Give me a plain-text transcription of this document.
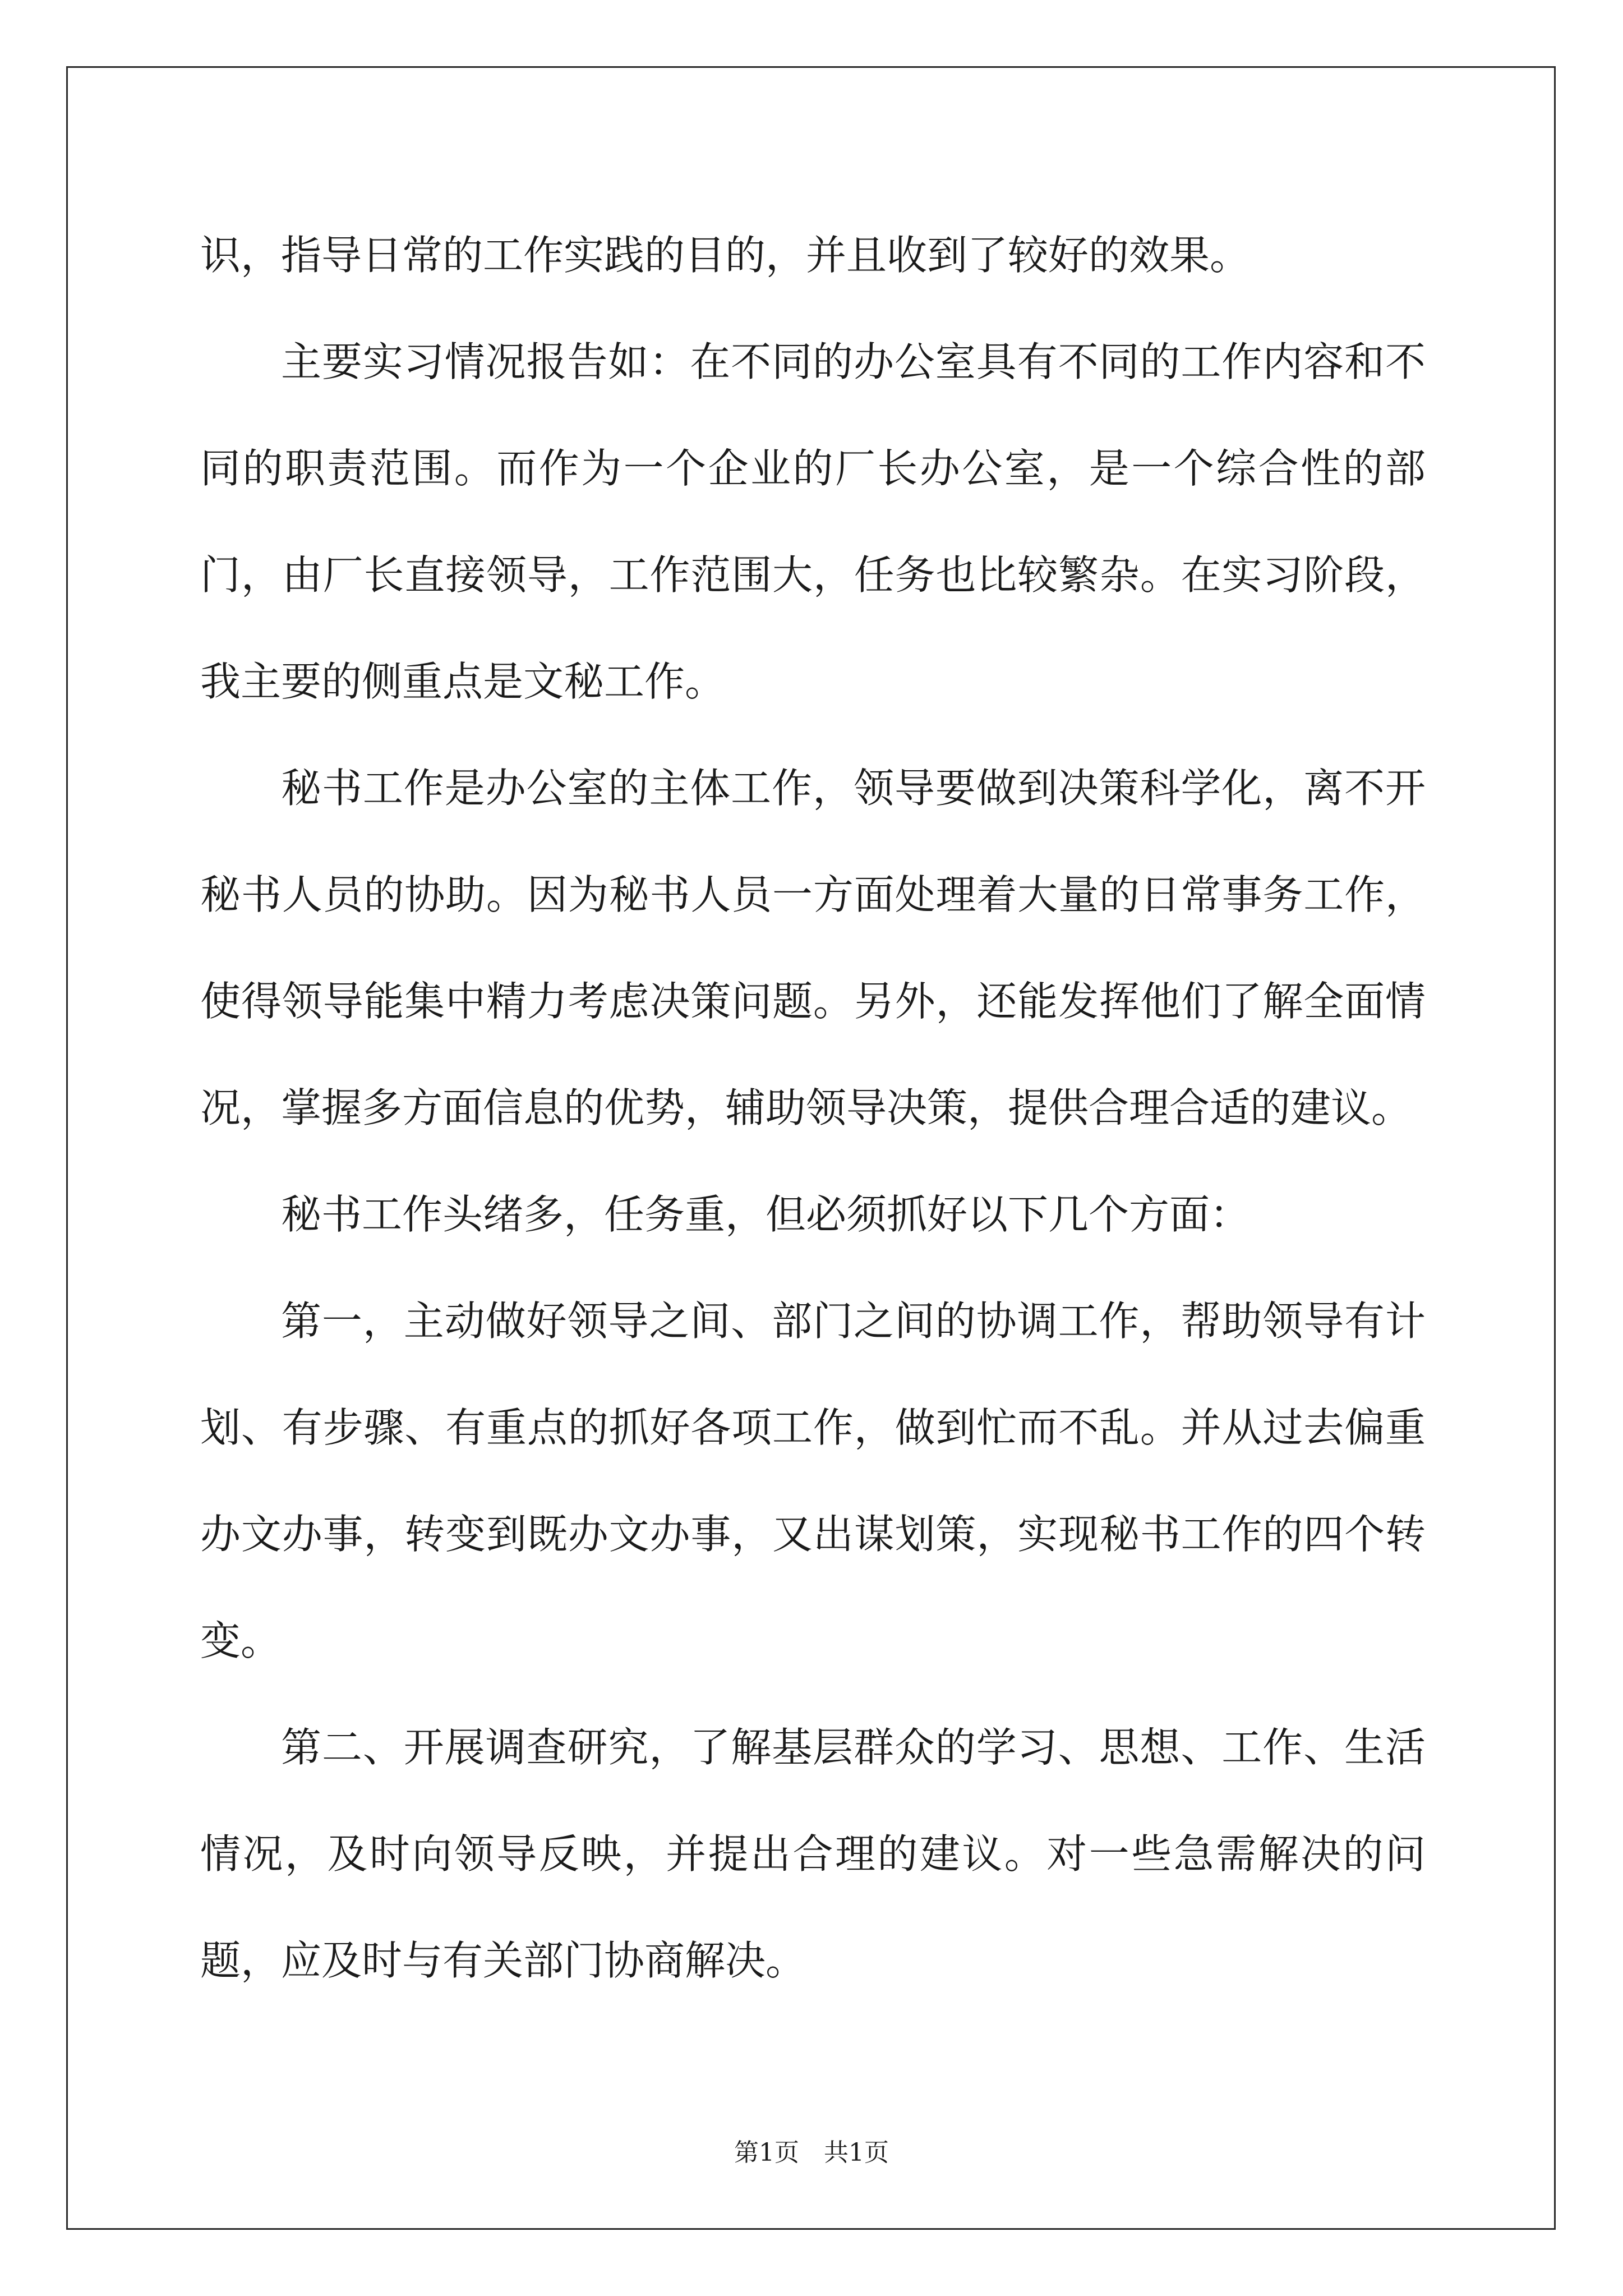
识，指导日常的工作实践的目的，并且收到了较好的效果。

主要实习情况报告如：在不同的办公室具有不同的工作内容和不同的职责范围。而作为一个企业的厂长办公室，是一个综合性的部门，由厂长直接领导，工作范围大，任务也比较繁杂。在实习阶段，我主要的侧重点是文秘工作。

秘书工作是办公室的主体工作，领导要做到决策科学化，离不开秘书人员的协助。因为秘书人员一方面处理着大量的日常事务工作，使得领导能集中精力考虑决策问题。另外，还能发挥他们了解全面情况，掌握多方面信息的优势，辅助领导决策，提供合理合适的建议。

秘书工作头绪多，任务重，但必须抓好以下几个方面：

第一，主动做好领导之间、部门之间的协调工作，帮助领导有计划、有步骤、有重点的抓好各项工作，做到忙而不乱。并从过去偏重办文办事，转变到既办文办事，又出谋划策，实现秘书工作的四个转变。

第二、开展调查研究，了解基层群众的学习、思想、工作、生活情况，及时向领导反映，并提出合理的建议。对一些急需解决的问题，应及时与有关部门协商解决。

第1页　共1页
